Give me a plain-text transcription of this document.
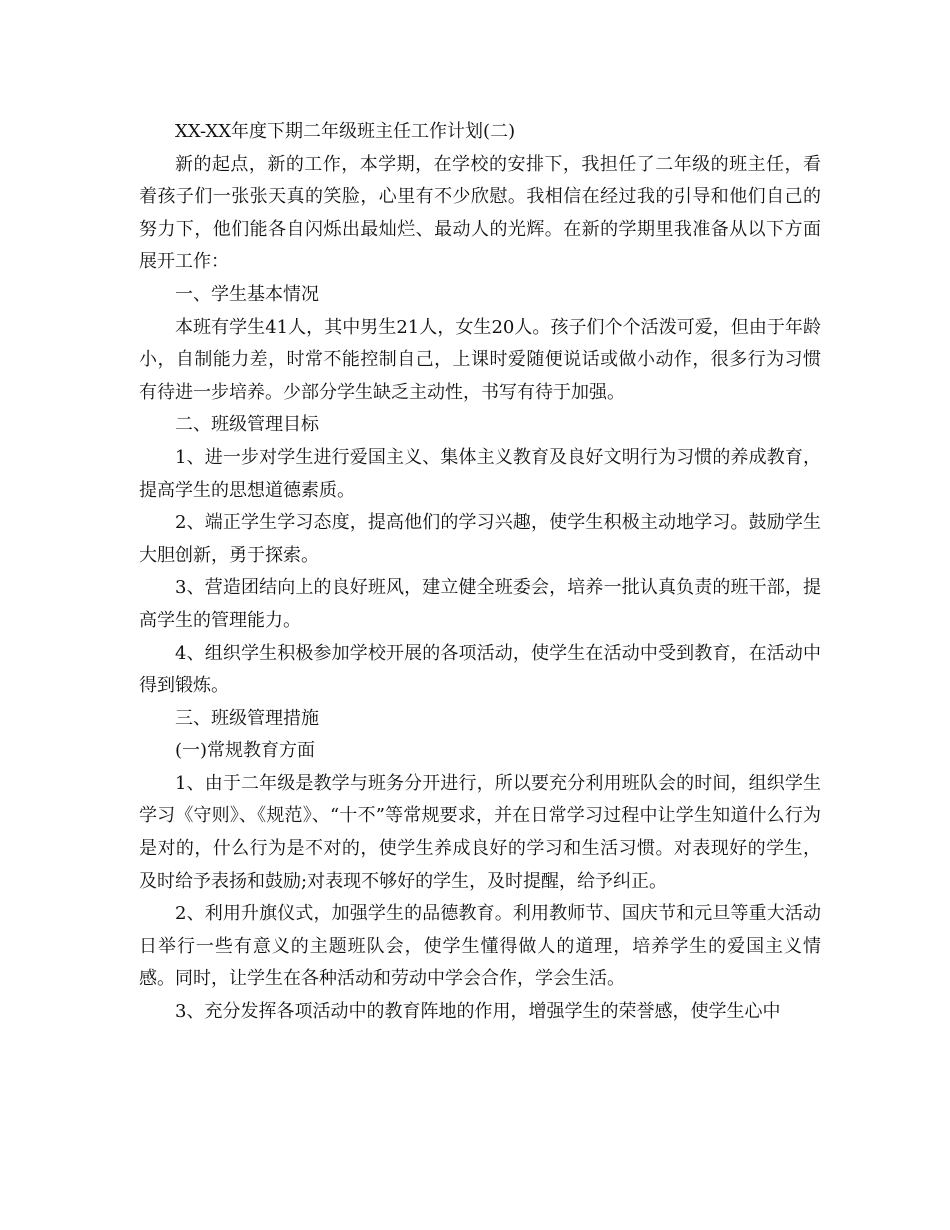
XX-XX年度下期二年级班主任工作计划(二)

新的起点，新的工作，本学期，在学校的安排下，我担任了二年级的班主任，看着孩子们一张张天真的笑脸，心里有不少欣慰。我相信在经过我的引导和他们自己的努力下，他们能各自闪烁出最灿烂、最动人的光辉。在新的学期里我准备从以下方面展开工作：

一、学生基本情况

本班有学生41人，其中男生21人，女生20人。孩子们个个活泼可爱，但由于年龄小，自制能力差，时常不能控制自己，上课时爱随便说话或做小动作，很多行为习惯有待进一步培养。少部分学生缺乏主动性，书写有待于加强。

二、班级管理目标

1、进一步对学生进行爱国主义、集体主义教育及良好文明行为习惯的养成教育，提高学生的思想道德素质。

2、端正学生学习态度，提高他们的学习兴趣，使学生积极主动地学习。鼓励学生大胆创新，勇于探索。

3、营造团结向上的良好班风，建立健全班委会，培养一批认真负责的班干部，提高学生的管理能力。

4、组织学生积极参加学校开展的各项活动，使学生在活动中受到教育，在活动中得到锻炼。

三、班级管理措施

(一)常规教育方面

1、由于二年级是教学与班务分开进行，所以要充分利用班队会的时间，组织学生学习《守则》、《规范》、“十不”等常规要求，并在日常学习过程中让学生知道什么行为是对的，什么行为是不对的，使学生养成良好的学习和生活习惯。对表现好的学生，及时给予表扬和鼓励;对表现不够好的学生，及时提醒，给予纠正。

2、利用升旗仪式，加强学生的品德教育。利用教师节、国庆节和元旦等重大活动日举行一些有意义的主题班队会，使学生懂得做人的道理，培养学生的爱国主义情感。同时，让学生在各种活动和劳动中学会合作，学会生活。

3、充分发挥各项活动中的教育阵地的作用，增强学生的荣誉感，使学生心中
